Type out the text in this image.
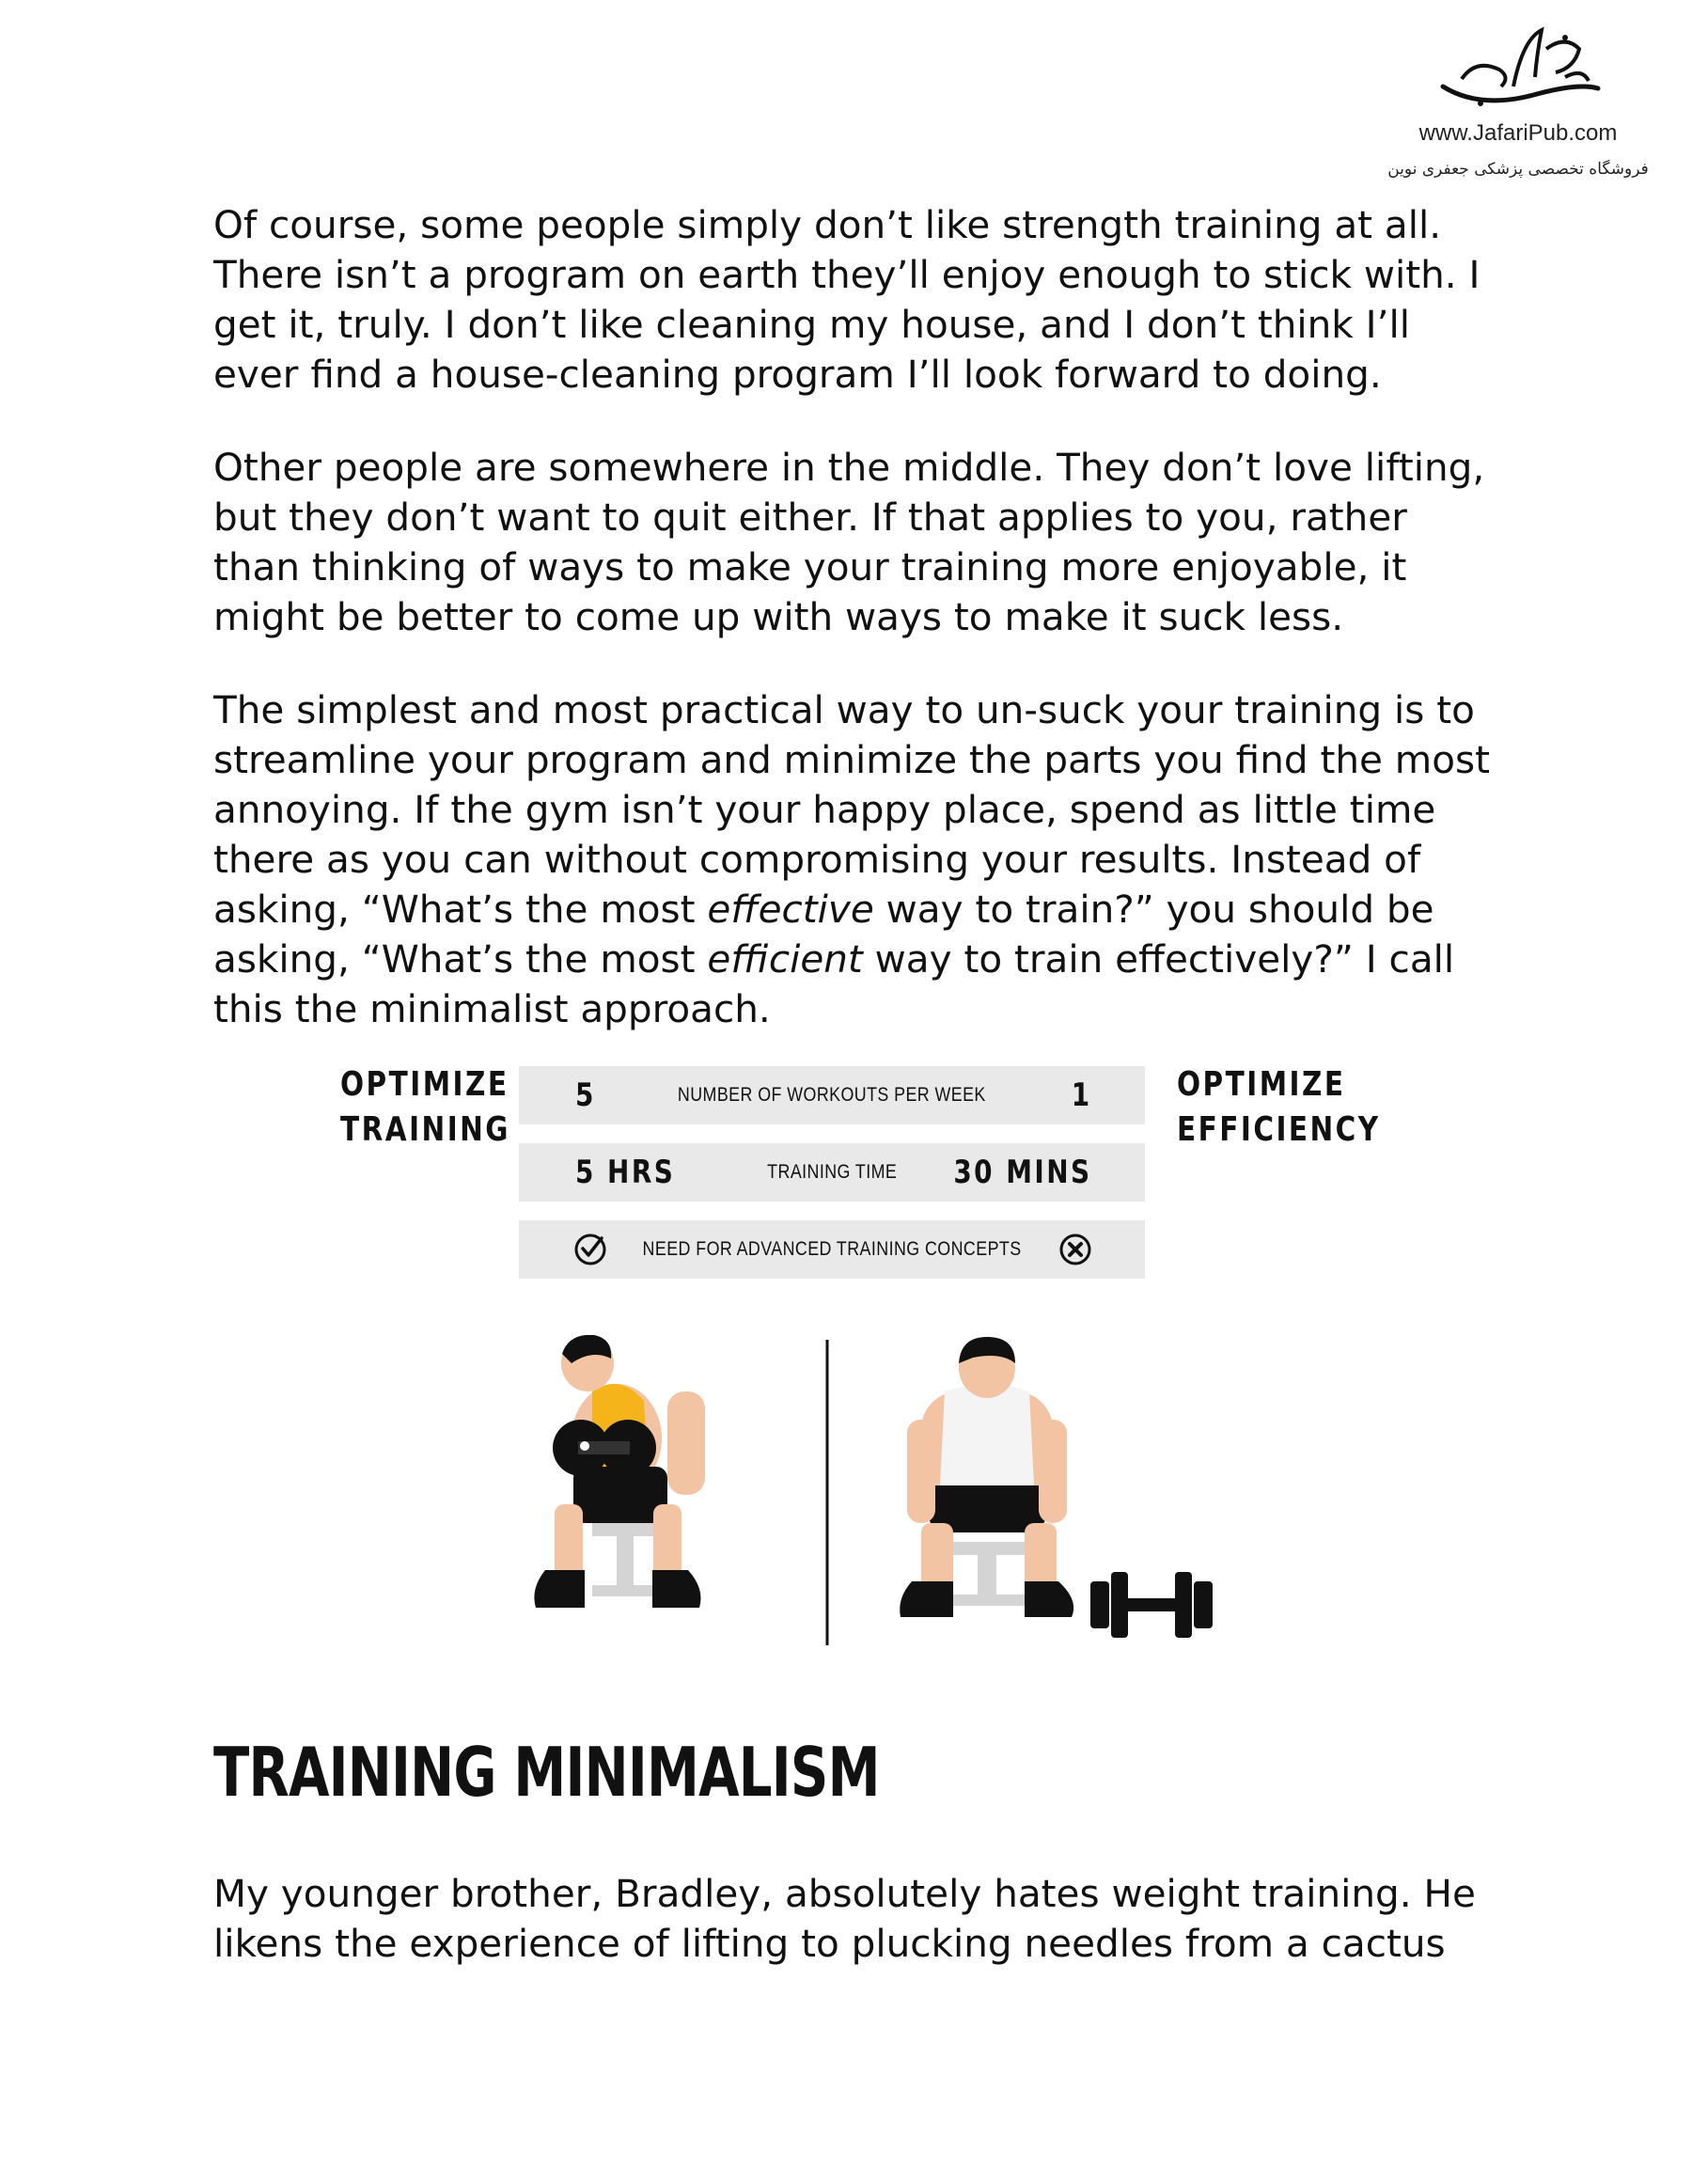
www.JafariPub.com
فروشگاه تخصصی پزشکی جعفری نوین

Of course, some people simply don’t like strength training at all. There isn’t a program on earth they’ll enjoy enough to stick with. I get it, truly. I don’t like cleaning my house, and I don’t think I’ll ever find a house-cleaning program I’ll look forward to doing.

Other people are somewhere in the middle. They don’t love lifting, but they don’t want to quit either. If that applies to you, rather than thinking of ways to make your training more enjoyable, it might be better to come up with ways to make it suck less.

The simplest and most practical way to un-suck your training is to streamline your program and minimize the parts you find the most annoying. If the gym isn’t your happy place, spend as little time there as you can without compromising your results. Instead of asking, “What’s the most effective way to train?” you should be asking, “What’s the most efficient way to train effectively?” I call this the minimalist approach.

OPTIMIZE
TRAINING
OPTIMIZE
EFFICIENCY
5	NUMBER OF WORKOUTS PER WEEK	1
5 HRS	TRAINING TIME	30 MINS
NEED FOR ADVANCED TRAINING CONCEPTS
TRAINING MINIMALISM

My younger brother, Bradley, absolutely hates weight training. He likens the experience of lifting to plucking needles from a cactus
